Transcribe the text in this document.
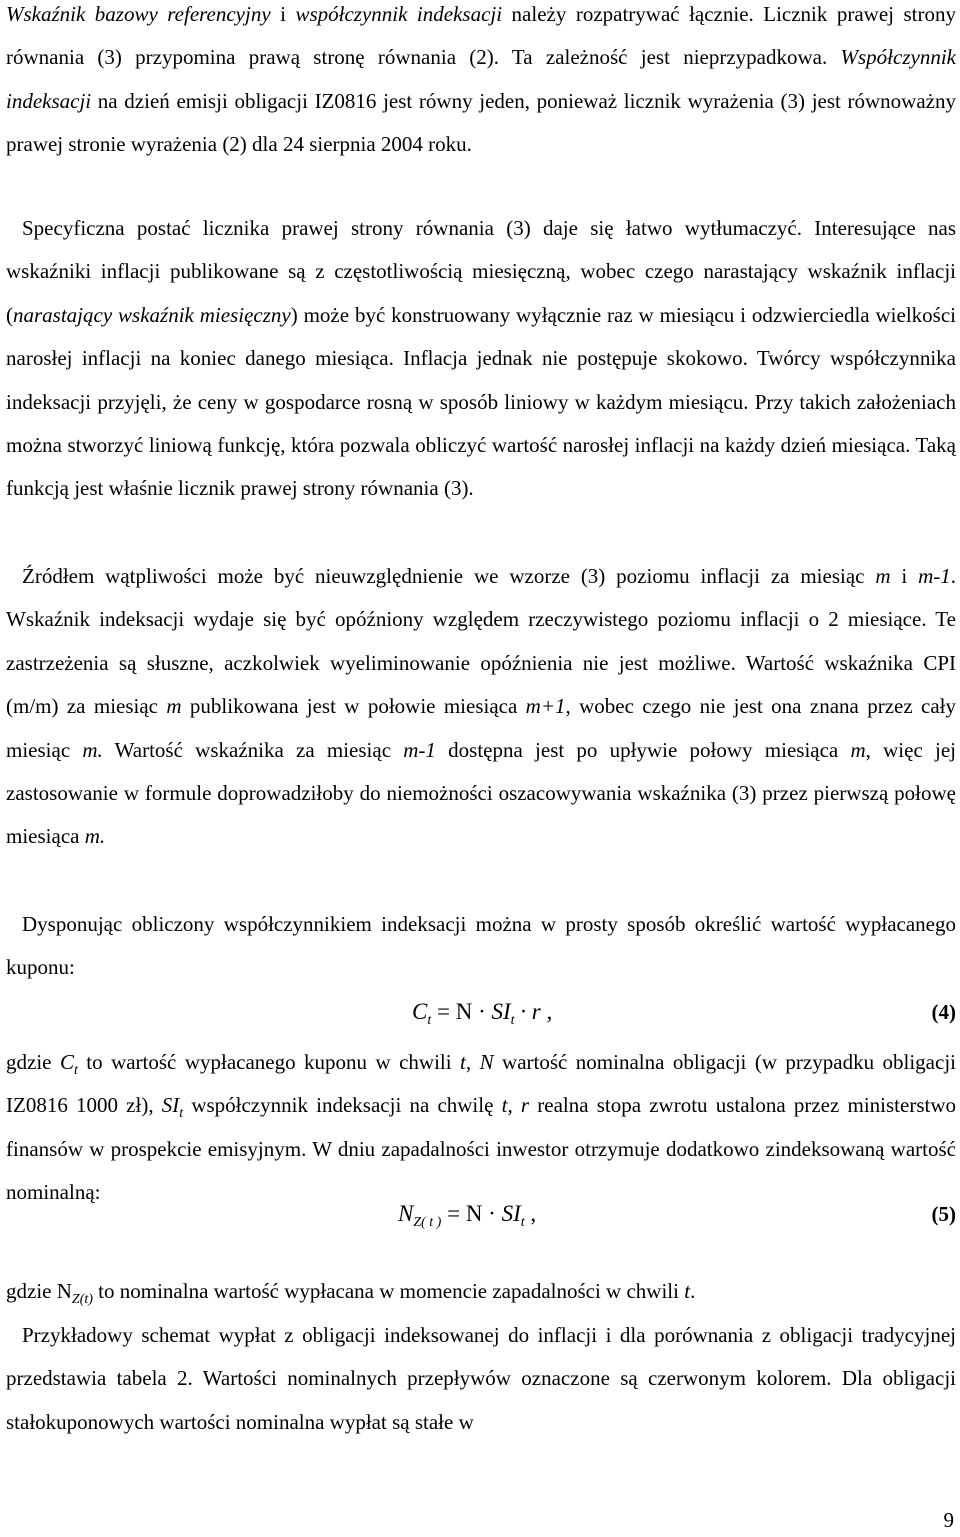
Wskaźnik bazowy referencyjny i współczynnik indeksacji należy rozpatrywać łącznie. Licznik prawej strony równania (3) przypomina prawą stronę równania (2). Ta zależność jest nieprzypadkowa. Współczynnik indeksacji na dzień emisji obligacji IZ0816 jest równy jeden, ponieważ licznik wyrażenia (3) jest równoważny prawej stronie wyrażenia (2) dla 24 sierpnia 2004 roku.

Specyficzna postać licznika prawej strony równania (3) daje się łatwo wytłumaczyć. Interesujące nas wskaźniki inflacji publikowane są z częstotliwością miesięczną, wobec czego narastający wskaźnik inflacji (narastający wskaźnik miesięczny) może być konstruowany wyłącznie raz w miesiącu i odzwierciedla wielkości narosłej inflacji na koniec danego miesiąca. Inflacja jednak nie postępuje skokowo. Twórcy współczynnika indeksacji przyjęli, że ceny w gospodarce rosną w sposób liniowy w każdym miesiącu. Przy takich założeniach można stworzyć liniową funkcję, która pozwala obliczyć wartość narosłej inflacji na każdy dzień miesiąca. Taką funkcją jest właśnie licznik prawej strony równania (3).

Źródłem wątpliwości może być nieuwzględnienie we wzorze (3) poziomu inflacji za miesiąc m i m-1. Wskaźnik indeksacji wydaje się być opóźniony względem rzeczywistego poziomu inflacji o 2 miesiące. Te zastrzeżenia są słuszne, aczkolwiek wyeliminowanie opóźnienia nie jest możliwe. Wartość wskaźnika CPI (m/m) za miesiąc m publikowana jest w połowie miesiąca m+1, wobec czego nie jest ona znana przez cały miesiąc m. Wartość wskaźnika za miesiąc m-1 dostępna jest po upływie połowy miesiąca m, więc jej zastosowanie w formule doprowadziłoby do niemożności oszacowywania wskaźnika (3) przez pierwszą połowę miesiąca m.

Dysponując obliczony współczynnikiem indeksacji można w prosty sposób określić wartość wypłacanego kuponu:

$C_t = N \cdot SI_t \cdot r$ ,	(4)

gdzie $C_t$ to wartość wypłacanego kuponu w chwili t, N wartość nominalna obligacji (w przypadku obligacji IZ0816 1000 zł), $SI_t$ współczynnik indeksacji na chwilę t, r realna stopa zwrotu ustalona przez ministerstwo finansów w prospekcie emisyjnym. W dniu zapadalności inwestor otrzymuje dodatkowo zindeksowaną wartość nominalną:

$N_{Z( t )} = N \cdot SI_t$ ,	(5)

gdzie $N_{Z(t)}$ to nominalna wartość wypłacana w momencie zapadalności w chwili t.

Przykładowy schemat wypłat z obligacji indeksowanej do inflacji i dla porównania z obligacji tradycyjnej przedstawia tabela 2. Wartości nominalnych przepływów oznaczone są czerwonym kolorem. Dla obligacji stałokuponowych wartości nominalna wypłat są stałe w

9
